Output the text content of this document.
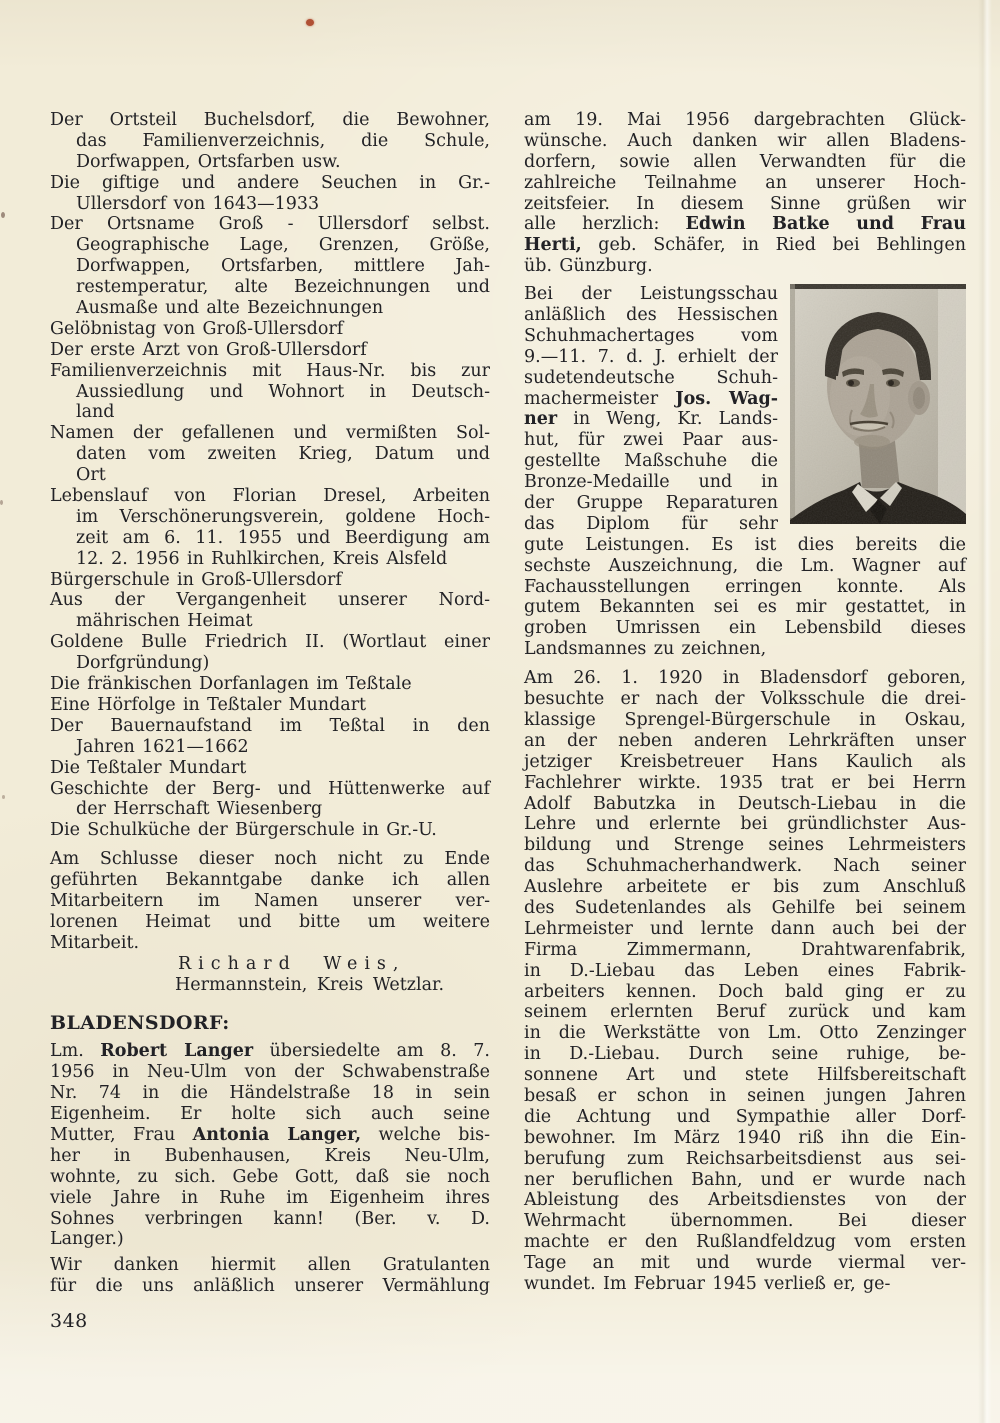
Der Ortsteil Buchelsdorf, die Bewohner,
das Familienverzeichnis, die Schule,
Dorfwappen, Ortsfarben usw.
Die giftige und andere Seuchen in Gr.-
Ullersdorf von 1643—1933
Der Ortsname Groß - Ullersdorf selbst.
Geographische Lage, Grenzen, Größe,
Dorfwappen, Ortsfarben, mittlere Jah-
restemperatur, alte Bezeichnungen und
Ausmaße und alte Bezeichnungen
Gelöbnistag von Groß-Ullersdorf
Der erste Arzt von Groß-Ullersdorf
Familienverzeichnis mit Haus-Nr. bis zur
Aussiedlung und Wohnort in Deutsch-
land
Namen der gefallenen und vermißten Sol-
daten vom zweiten Krieg, Datum und
Ort
Lebenslauf von Florian Dresel, Arbeiten
im Verschönerungsverein, goldene Hoch-
zeit am 6. 11. 1955 und Beerdigung am
12. 2. 1956 in Ruhlkirchen, Kreis Alsfeld
Bürgerschule in Groß-Ullersdorf
Aus der Vergangenheit unserer Nord-
mährischen Heimat
Goldene Bulle Friedrich II. (Wortlaut einer
Dorfgründung)
Die fränkischen Dorfanlagen im Teßtale
Eine Hörfolge in Teßtaler Mundart
Der Bauernaufstand im Teßtal in den
Jahren 1621—1662
Die Teßtaler Mundart
Geschichte der Berg- und Hüttenwerke auf
der Herrschaft Wiesenberg
Die Schulküche der Bürgerschule in Gr.-U.
Am Schlusse dieser noch nicht zu Ende
geführten Bekanntgabe danke ich allen
Mitarbeitern im Namen unserer ver-
lorenen Heimat und bitte um weitere
Mitarbeit.
Richard Weis,
Hermannstein, Kreis Wetzlar.
BLADENSDORF:
Lm. Robert Langer übersiedelte am 8. 7.
1956 in Neu-Ulm von der Schwabenstraße
Nr. 74 in die Händelstraße 18 in sein
Eigenheim. Er holte sich auch seine
Mutter, Frau Antonia Langer, welche bis-
her in Bubenhausen, Kreis Neu-Ulm,
wohnte, zu sich. Gebe Gott, daß sie noch
viele Jahre in Ruhe im Eigenheim ihres
Sohnes verbringen kann! (Ber. v. D.
Langer.)
Wir danken hiermit allen Gratulanten
für die uns anläßlich unserer Vermählung
am 19. Mai 1956 dargebrachten Glück-
wünsche. Auch danken wir allen Bladens-
dorfern, sowie allen Verwandten für die
zahlreiche Teilnahme an unserer Hoch-
zeitsfeier. In diesem Sinne grüßen wir
alle herzlich: Edwin Batke und Frau
Herti, geb. Schäfer, in Ried bei Behlingen
üb. Günzburg.
Bei der Leistungsschau
anläßlich des Hessischen
Schuhmachertages vom
9.—11. 7. d. J. erhielt der
sudetendeutsche Schuh-
machermeister Jos. Wag-
ner in Weng, Kr. Lands-
hut, für zwei Paar aus-
gestellte Maßschuhe die
Bronze-Medaille und in
der Gruppe Reparaturen
das Diplom für sehr
gute Leistungen. Es ist dies bereits die
sechste Auszeichnung, die Lm. Wagner auf
Fachausstellungen erringen konnte. Als
gutem Bekannten sei es mir gestattet, in
groben Umrissen ein Lebensbild dieses
Landsmannes zu zeichnen,
Am 26. 1. 1920 in Bladensdorf geboren,
besuchte er nach der Volksschule die drei-
klassige Sprengel-Bürgerschule in Oskau,
an der neben anderen Lehrkräften unser
jetziger Kreisbetreuer Hans Kaulich als
Fachlehrer wirkte. 1935 trat er bei Herrn
Adolf Babutzka in Deutsch-Liebau in die
Lehre und erlernte bei gründlichster Aus-
bildung und Strenge seines Lehrmeisters
das Schuhmacherhandwerk. Nach seiner
Auslehre arbeitete er bis zum Anschluß
des Sudetenlandes als Gehilfe bei seinem
Lehrmeister und lernte dann auch bei der
Firma Zimmermann, Drahtwarenfabrik,
in D.-Liebau das Leben eines Fabrik-
arbeiters kennen. Doch bald ging er zu
seinem erlernten Beruf zurück und kam
in die Werkstätte von Lm. Otto Zenzinger
in D.-Liebau. Durch seine ruhige, be-
sonnene Art und stete Hilfsbereitschaft
besaß er schon in seinen jungen Jahren
die Achtung und Sympathie aller Dorf-
bewohner. Im März 1940 riß ihn die Ein-
berufung zum Reichsarbeitsdienst aus sei-
ner beruflichen Bahn, und er wurde nach
Ableistung des Arbeitsdienstes von der
Wehrmacht übernommen. Bei dieser
machte er den Rußlandfeldzug vom ersten
Tage an mit und wurde viermal ver-
wundet. Im Februar 1945 verließ er, ge-
348
